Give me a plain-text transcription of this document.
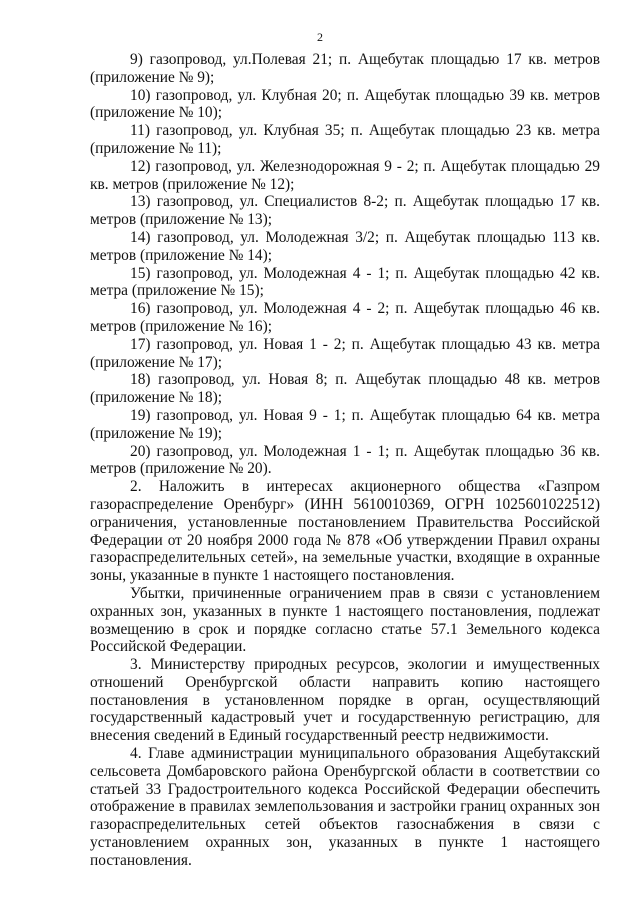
2

9) газопровод, ул.Полевая 21; п. Ащебутак площадью 17 кв. метров (приложение № 9);

10) газопровод, ул. Клубная 20; п. Ащебутак площадью 39 кв. метров (приложение № 10);

11) газопровод, ул. Клубная 35; п. Ащебутак площадью 23 кв. метра (приложение № 11);

12) газопровод, ул. Железнодорожная 9 - 2; п. Ащебутак площадью 29 кв. метров (приложение № 12);

13) газопровод, ул. Специалистов 8-2; п. Ащебутак площадью 17 кв. метров (приложение № 13);

14) газопровод, ул. Молодежная 3/2; п. Ащебутак площадью 113 кв. метров (приложение № 14);

15) газопровод, ул. Молодежная 4 - 1; п. Ащебутак площадью 42 кв. метра (приложение № 15);

16) газопровод, ул. Молодежная 4 - 2; п. Ащебутак площадью 46 кв. метров (приложение № 16);

17) газопровод, ул. Новая 1 - 2; п. Ащебутак площадью 43 кв. метра (приложение № 17);

18) газопровод, ул. Новая 8; п. Ащебутак площадью 48 кв. метров (приложение № 18);

19) газопровод, ул. Новая 9 - 1; п. Ащебутак площадью 64 кв. метра (приложение № 19);

20) газопровод, ул. Молодежная 1 - 1; п. Ащебутак площадью 36 кв. метров (приложение № 20).

2. Наложить в интересах акционерного общества «Газпром газораспределение Оренбург» (ИНН 5610010369, ОГРН 1025601022512) ограничения, установленные постановлением Правительства Российской Федерации от 20 ноября 2000 года № 878 «Об утверждении Правил охраны газораспределительных сетей», на земельные участки, входящие в охранные зоны, указанные в пункте 1 настоящего постановления.

Убытки, причиненные ограничением прав в связи с установлением охранных зон, указанных в пункте 1 настоящего постановления, подлежат возмещению в срок и порядке согласно статье 57.1 Земельного кодекса Российской Федерации.

3. Министерству природных ресурсов, экологии и имущественных отношений Оренбургской области направить копию настоящего постановления в установленном порядке в орган, осуществляющий государственный кадастровый учет и государственную регистрацию, для внесения сведений в Единый государственный реестр недвижимости.

4. Главе администрации муниципального образования Ащебутакский сельсовета Домбаровского района Оренбургской области в соответствии со статьей 33 Градостроительного кодекса Российской Федерации обеспечить отображение в правилах землепользования и застройки границ охранных зон газораспределительных сетей объектов газоснабжения в связи с установлением охранных зон, указанных в пункте 1 настоящего постановления.
